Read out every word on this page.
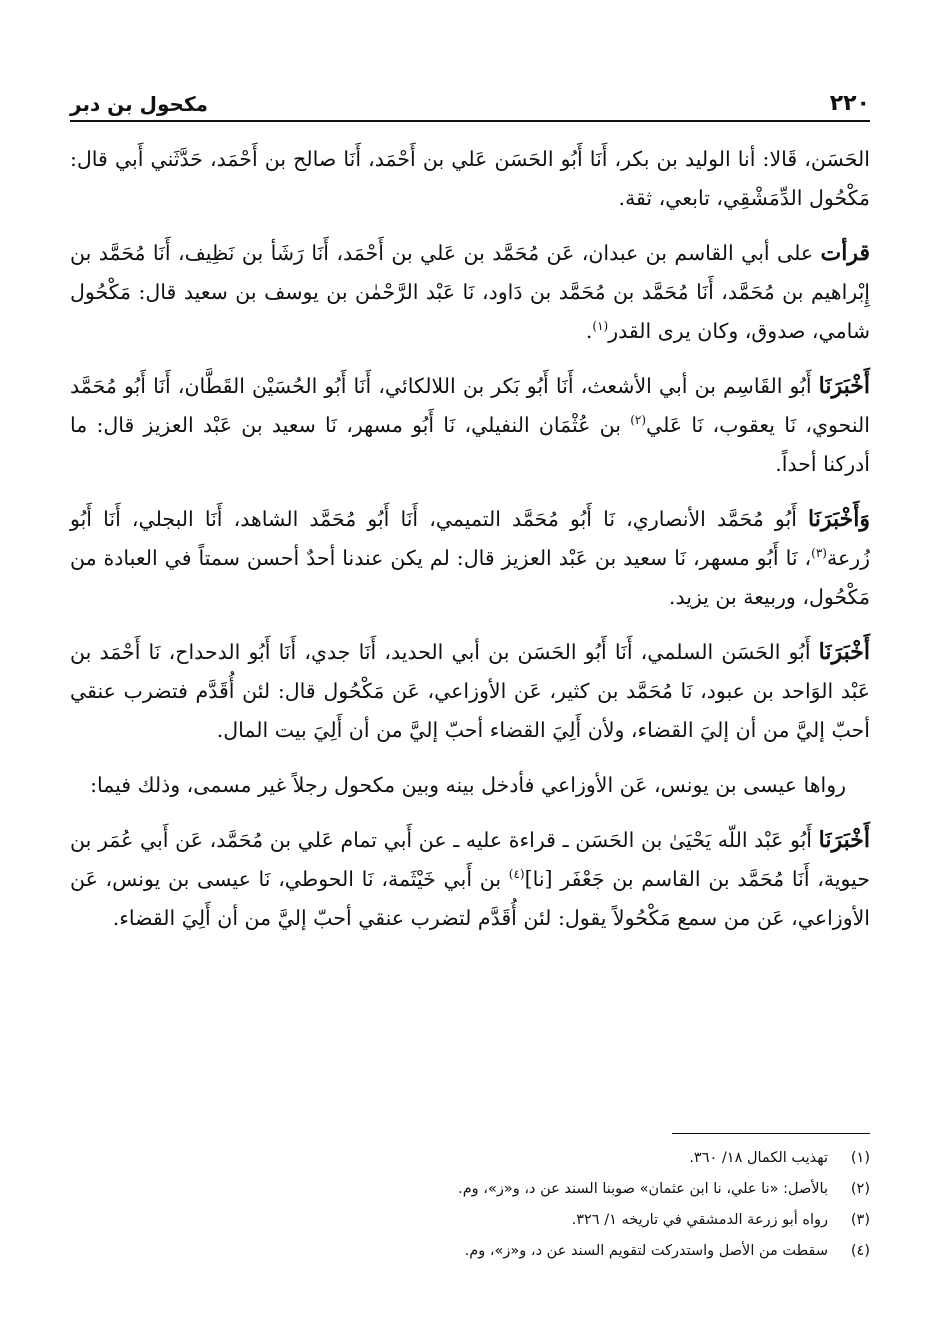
٢٢٠
مكحول بن دبر

الحَسَن، قَالا: أنا الوليد بن بكر، أَنَا أَبُو الحَسَن عَلي بن أَحْمَد، أَنَا صالح بن أَحْمَد، حَدَّثَني أَبي قال: مَكْحُول الدِّمَشْقِي، تابعي، ثقة.

قرأت على أبي القاسم بن عبدان، عَن مُحَمَّد بن عَلي بن أَحْمَد، أَنَا رَشَأ بن نَظِيف، أَنَا مُحَمَّد بن إِبْراهيم بن مُحَمَّد، أَنَا مُحَمَّد بن مُحَمَّد بن دَاود، نَا عَبْد الرَّحْمٰن بن يوسف بن سعيد قال: مَكْحُول شامي، صدوق، وكان يرى القدر$^{(١)}$.

أَخْبَرَنَا أَبُو القَاسِم بن أبي الأشعث، أَنَا أَبُو بَكر بن اللالكائي، أَنَا أَبُو الحُسَيْن القَطَّان، أَنَا أَبُو مُحَمَّد النحوي، نَا يعقوب، نَا عَلي$^{(٢)}$ بن عُثْمَان النفيلي، نَا أَبُو مسهر، نَا سعيد بن عَبْد العزيز قال: ما أدركنا أحداً.

وَأَخْبَرَنَا أَبُو مُحَمَّد الأنصاري، نَا أَبُو مُحَمَّد التميمي، أَنَا أَبُو مُحَمَّد الشاهد، أَنَا البجلي، أَنَا أَبُو زُرعة$^{(٣)}$، نَا أَبُو مسهر، نَا سعيد بن عَبْد العزيز قال: لم يكن عندنا أحدٌ أحسن سمتاً في العبادة من مَكْحُول، وربيعة بن يزيد.

أَخْبَرَنَا أَبُو الحَسَن السلمي، أَنَا أَبُو الحَسَن بن أبي الحديد، أَنَا جدي، أَنَا أَبُو الدحداح، نَا أَحْمَد بن عَبْد الوَاحد بن عبود، نَا مُحَمَّد بن كثير، عَن الأوزاعي، عَن مَكْحُول قال: لئن أُقَدَّم فتضرب عنقي أحبّ إليَّ من أن إليَ القضاء، ولأن أَلِيَ القضاء أحبّ إليَّ من أن أَلِيَ بيت المال.

رواها عيسى بن يونس، عَن الأوزاعي فأدخل بينه وبين مكحول رجلاً غير مسمى، وذلك فيما:

أَخْبَرَنَا أَبُو عَبْد اللّه يَحْيَىٰ بن الحَسَن ـ قراءة عليه ـ عن أَبي تمام عَلي بن مُحَمَّد، عَن أَبي عُمَر بن حيوية، أَنَا مُحَمَّد بن القاسم بن جَعْفَر [نا]$^{(٤)}$ بن أَبي خَيْثَمة، نَا الحوطي، نَا عيسى بن يونس، عَن الأوزاعي، عَن من سمع مَكْحُولاً يقول: لئن أُقَدَّم لتضرب عنقي أحبّ إليَّ من أن أَلِيَ القضاء.

(١)
تهذيب الكمال ١٨/ ٣٦٠.
(٢)
بالأصل: «نا علي، نا ابن عثمان» صوبنا السند عن د، و«ز»، وم.
(٣)
رواه أبو زرعة الدمشقي في تاريخه ١/ ٣٢٦.
(٤)
سقطت من الأصل واستدركت لتقويم السند عن د، و«ز»، وم.
